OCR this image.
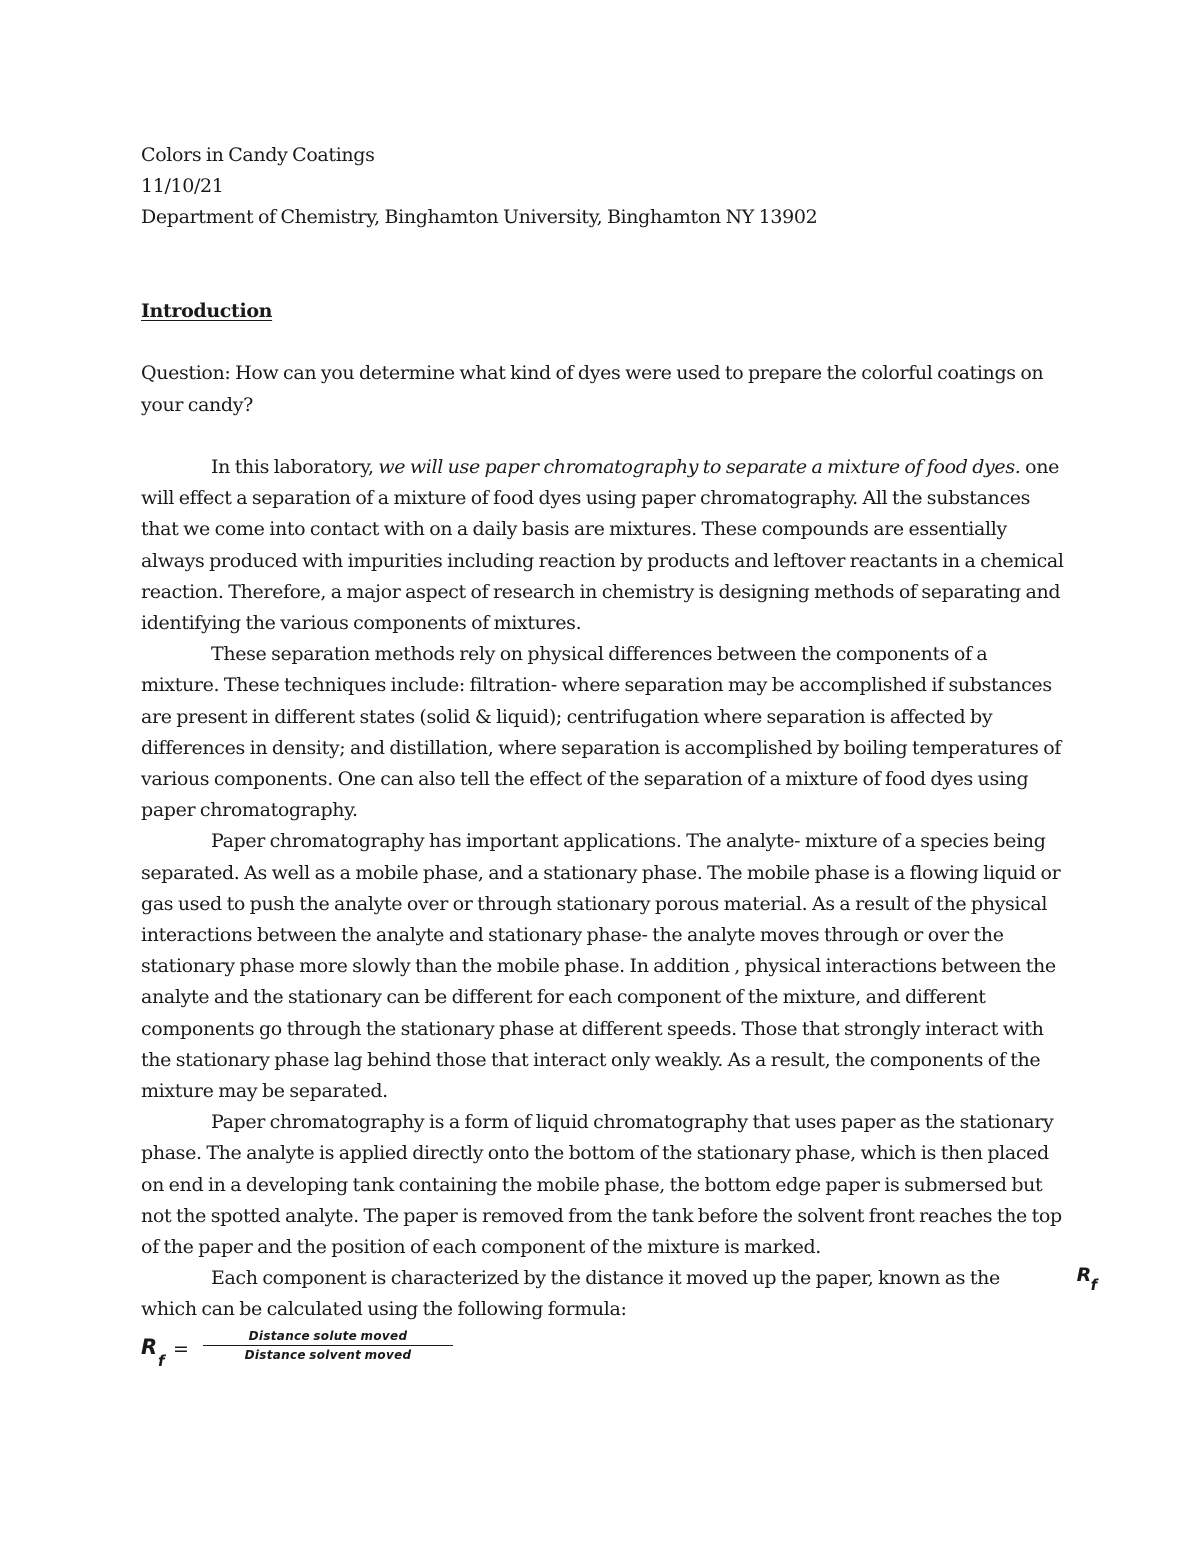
Colors in Candy Coatings
11/10/21
Department of Chemistry, Binghamton University, Binghamton NY 13902
Introduction

Question: How can you determine what kind of dyes were used to prepare the colorful coatings on your candy?

In this laboratory, we will use paper chromatography to separate a mixture of food dyes. one will effect a separation of a mixture of food dyes using paper chromatography. All the substances that we come into contact with on a daily basis are mixtures. These compounds are essentially always produced with impurities including reaction by products and leftover reactants in a chemical reaction. Therefore, a major aspect of research in chemistry is designing methods of separating and identifying the various components of mixtures.

These separation methods rely on physical differences between the components of a mixture. These techniques include: filtration- where separation may be accomplished if substances are present in different states (solid & liquid); centrifugation where separation is affected by differences in density; and distillation, where separation is accomplished by boiling temperatures of various components. One can also tell the effect of the separation of a mixture of food dyes using paper chromatography.

Paper chromatography has important applications. The analyte- mixture of a species being separated. As well as a mobile phase, and a stationary phase. The mobile phase is a flowing liquid or gas used to push the analyte over or through stationary porous material. As a result of the physical interactions between the analyte and stationary phase- the analyte moves through or over the stationary phase more slowly than the mobile phase. In addition , physical interactions between the analyte and the stationary can be different for each component of the mixture, and different components go through the stationary phase at different speeds. Those that strongly interact with the stationary phase lag behind those that interact only weakly. As a result, the components of the mixture may be separated.

Paper chromatography is a form of liquid chromatography that uses paper as the stationary phase. The analyte is applied directly onto the bottom of the stationary phase, which is then placed on end in a developing tank containing the mobile phase, the bottom edge paper is submersed but not the spotted analyte. The paper is removed from the tank before the solvent front reaches the top of the paper and the position of each component of the mixture is marked.

Each component is characterized by the distance it moved up the paper, known as the	R f

which can be calculated using the following formula:

R
f
=
Distance solute moved
Distance solvent moved
